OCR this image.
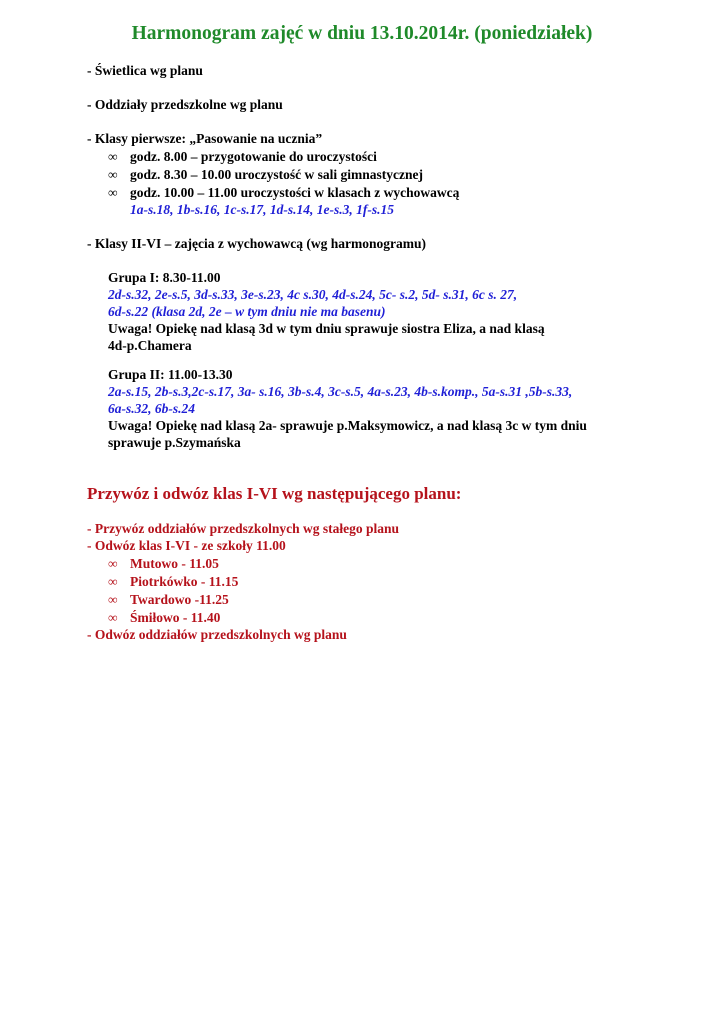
Harmonogram zajęć w dniu 13.10.2014r. (poniedziałek)
- Świetlica wg planu
- Oddziały przedszkolne wg planu
- Klasy pierwsze: „Pasowanie na ucznia”
∞ godz. 8.00 – przygotowanie do uroczystości
∞ godz. 8.30 – 10.00 uroczystość w sali gimnastycznej
∞ godz. 10.00 – 11.00 uroczystości w klasach z wychowawcą
1a-s.18, 1b-s.16, 1c-s.17, 1d-s.14, 1e-s.3, 1f-s.15
- Klasy II-VI – zajęcia z wychowawcą (wg harmonogramu)
Grupa I: 8.30-11.00
2d-s.32, 2e-s.5, 3d-s.33, 3e-s.23, 4c s.30, 4d-s.24, 5c- s.2, 5d- s.31, 6c s. 27,
6d-s.22 (klasa 2d, 2e – w tym dniu nie ma basenu)
Uwaga! Opiekę nad klasą 3d w tym dniu sprawuje siostra Eliza, a nad klasą
4d-p.Chamera
Grupa II: 11.00-13.30
2a-s.15, 2b-s.3,2c-s.17, 3a- s.16, 3b-s.4, 3c-s.5, 4a-s.23, 4b-s.komp., 5a-s.31 ,5b-s.33,
6a-s.32, 6b-s.24
Uwaga! Opiekę nad klasą 2a- sprawuje p.Maksymowicz, a nad klasą 3c w tym dniu
sprawuje p.Szymańska
Przywóz i odwóz klas I-VI wg następującego planu:
- Przywóz oddziałów przedszkolnych wg stałego planu
- Odwóz klas I-VI - ze szkoły 11.00
∞ Mutowo - 11.05
∞ Piotrkówko - 11.15
∞ Twardowo -11.25
∞ Śmiłowo - 11.40
- Odwóz oddziałów przedszkolnych wg planu
